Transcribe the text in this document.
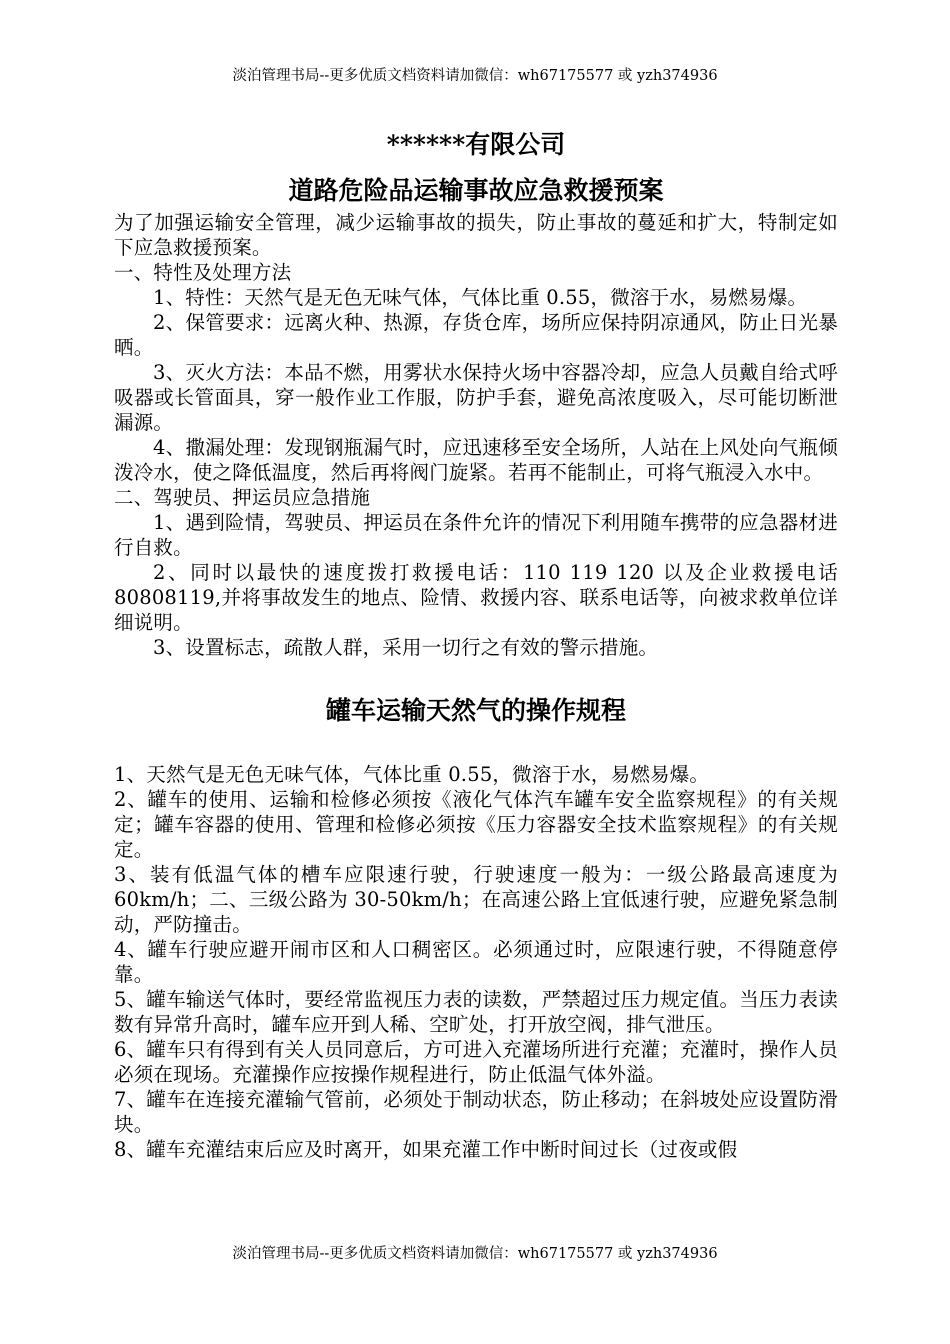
淡泊管理书局--更多优质文档资料请加微信：wh67175577 或 yzh374936
******有限公司
道路危险品运输事故应急救援预案

为了加强运输安全管理，减少运输事故的损失，防止事故的蔓延和扩大，特制定如下应急救援预案。

一、特性及处理方法

1、特性：天然气是无色无味气体，气体比重 0.55，微溶于水，易燃易爆。

2、保管要求：远离火种、热源，存货仓库，场所应保持阴凉通风，防止日光暴晒。

3、灭火方法：本品不燃，用雾状水保持火场中容器冷却，应急人员戴自给式呼吸器或长管面具，穿一般作业工作服，防护手套，避免高浓度吸入，尽可能切断泄漏源。

4、撒漏处理：发现钢瓶漏气时，应迅速移至安全场所，人站在上风处向气瓶倾泼冷水，使之降低温度，然后再将阀门旋紧。若再不能制止，可将气瓶浸入水中。

二、驾驶员、押运员应急措施

1、遇到险情，驾驶员、押运员在条件允许的情况下利用随车携带的应急器材进行自救。

2、同时以最快的速度拨打救援电话：110 119 120 以及企业救援电话 80808119,并将事故发生的地点、险情、救援内容、联系电话等，向被求救单位详细说明。

3、设置标志，疏散人群，采用一切行之有效的警示措施。

罐车运输天然气的操作规程

1、天然气是无色无味气体，气体比重 0.55，微溶于水，易燃易爆。

2、罐车的使用、运输和检修必须按《液化气体汽车罐车安全监察规程》的有关规定；罐车容器的使用、管理和检修必须按《压力容器安全技术监察规程》的有关规定。

3、装有低温气体的槽车应限速行驶，行驶速度一般为：一级公路最高速度为 60km/h；二、三级公路为 30-50km/h；在高速公路上宜低速行驶，应避免紧急制动，严防撞击。

4、罐车行驶应避开闹市区和人口稠密区。必须通过时，应限速行驶，不得随意停靠。

5、罐车输送气体时，要经常监视压力表的读数，严禁超过压力规定值。当压力表读数有异常升高时，罐车应开到人稀、空旷处，打开放空阀，排气泄压。

6、罐车只有得到有关人员同意后，方可进入充灌场所进行充灌；充灌时，操作人员必须在现场。充灌操作应按操作规程进行，防止低温气体外溢。

7、罐车在连接充灌输气管前，必须处于制动状态，防止移动；在斜坡处应设置防滑块。

8、罐车充灌结束后应及时离开，如果充灌工作中断时间过长（过夜或假

淡泊管理书局--更多优质文档资料请加微信：wh67175577 或 yzh374936
